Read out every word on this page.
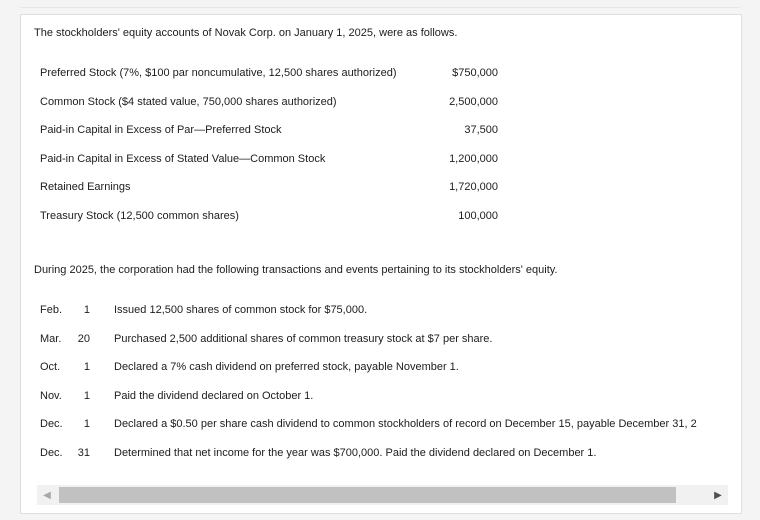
The stockholders' equity accounts of Novak Corp. on January 1, 2025, were as follows.
Preferred Stock (7%, $100 par noncumulative, 12,500 shares authorized)	$750,000
Common Stock ($4 stated value, 750,000 shares authorized)	2,500,000
Paid-in Capital in Excess of Par—Preferred Stock	37,500
Paid-in Capital in Excess of Stated Value—Common Stock	1,200,000
Retained Earnings	1,720,000
Treasury Stock (12,500 common shares)	100,000
During 2025, the corporation had the following transactions and events pertaining to its stockholders' equity.
Feb.	1 Issued 12,500 shares of common stock for $75,000.
Mar.	20 Purchased 2,500 additional shares of common treasury stock at $7 per share.
Oct.	1 Declared a 7% cash dividend on preferred stock, payable November 1.
Nov.	1 Paid the dividend declared on October 1.
Dec.	1 Declared a $0.50 per share cash dividend to common stockholders of record on December 15, payable December 31, 2
Dec.	31 Determined that net income for the year was $700,000. Paid the dividend declared on December 1.
◀	▶
